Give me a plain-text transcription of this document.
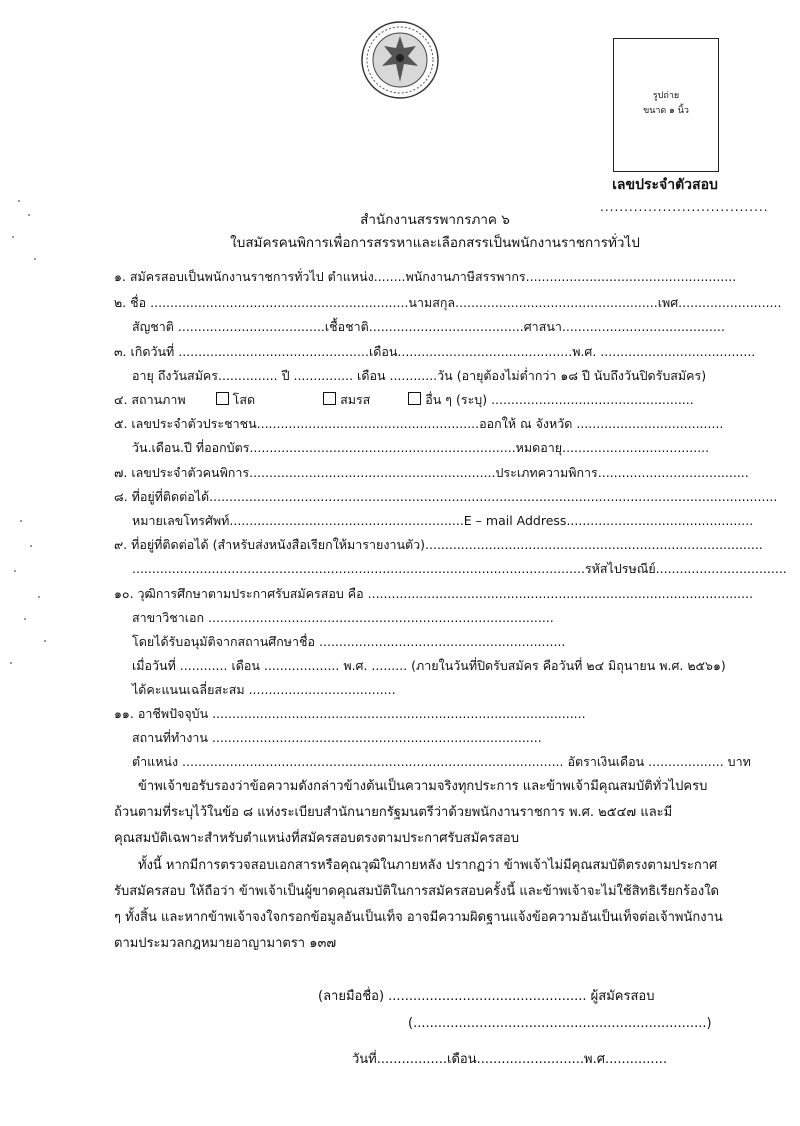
รูปถ่าย
ขนาด ๑ นิ้ว
เลขประจำตัวสอบ
...................................
สำนักงานสรรพากรภาค ๖
ใบสมัครคนพิการเพื่อการสรรหาและเลือกสรรเป็นพนักงานราชการทั่วไป
๑. สมัครสอบเป็นพนักงานราชการทั่วไป ตำแหน่ง........พนักงานภาษีสรรพากร.....................................................
๒. ชื่อ .................................................................นามสกุล...................................................เพศ..........................
สัญชาติ .....................................เชื้อชาติ.......................................ศาสนา.........................................
๓. เกิดวันที่ ................................................เดือน............................................พ.ศ. .......................................
อายุ ถึงวันสมัคร............... ปี ............... เดือน ............วัน (อายุต้องไม่ต่ำกว่า ๑๘ ปี นับถึงวันปิดรับสมัคร)
๔. สถานภาพ	โสด	สมรส	อื่น ๆ (ระบุ) ...................................................
๕. เลขประจำตัวประชาชน........................................................ออกให้ ณ จังหวัด .....................................
วัน.เดือน.ปี ที่ออกบัตร...................................................................หมดอายุ.....................................
๗. เลขประจำตัวคนพิการ..............................................................ประเภทความพิการ......................................
๘. ที่อยู่ที่ติดต่อได้...............................................................................................................................................
หมายเลขโทรศัพท์...........................................................E – mail Address...............................................
๙. ที่อยู่ที่ติดต่อได้ (สำหรับส่งหนังสือเรียกให้มารายงานตัว).....................................................................................
..................................................................................................................รหัสไปรษณีย์.................................
๑๐. วุฒิการศึกษาตามประกาศรับสมัครสอบ คือ .................................................................................................
สาขาวิชาเอก .......................................................................................
โดยได้รับอนุมัติจากสถานศึกษาชื่อ ..............................................................
เมื่อวันที่ ............ เดือน ................... พ.ศ. ......... (ภายในวันที่ปิดรับสมัคร คือวันที่ ๒๔ มิถุนายน พ.ศ. ๒๕๖๑)
ได้คะแนนเฉลี่ยสะสม .....................................
๑๑. อาชีพปัจจุบัน ..............................................................................................
สถานที่ทำงาน ...................................................................................
ตำแหน่ง ................................................................................................ อัตราเงินเดือน ................... บาท
ข้าพเจ้าขอรับรองว่าข้อความดังกล่าวข้างต้นเป็นความจริงทุกประการ และข้าพเจ้ามีคุณสมบัติทั่วไปครบถ้วนตามที่ระบุไว้ในข้อ ๘ แห่งระเบียบสำนักนายกรัฐมนตรีว่าด้วยพนักงานราชการ พ.ศ. ๒๕๔๗ และมีคุณสมบัติเฉพาะสำหรับตำแหน่งที่สมัครสอบตรงตามประกาศรับสมัครสอบ
ทั้งนี้ หากมีการตรวจสอบเอกสารหรือคุณวุฒิในภายหลัง ปรากฏว่า ข้าพเจ้าไม่มีคุณสมบัติตรงตามประกาศรับสมัครสอบ ให้ถือว่า ข้าพเจ้าเป็นผู้ขาดคุณสมบัติในการสมัครสอบครั้งนี้ และข้าพเจ้าจะไม่ใช้สิทธิเรียกร้องใด ๆ ทั้งสิ้น และหากข้าพเจ้าจงใจกรอกข้อมูลอันเป็นเท็จ อาจมีความผิดฐานแจ้งข้อความอันเป็นเท็จต่อเจ้าพนักงาน ตามประมวลกฎหมายอาญามาตรา ๑๓๗
(ลายมือชื่อ) ................................................ ผู้สมัครสอบ
(.......................................................................)
วันที่.................เดือน..........................พ.ศ...............
